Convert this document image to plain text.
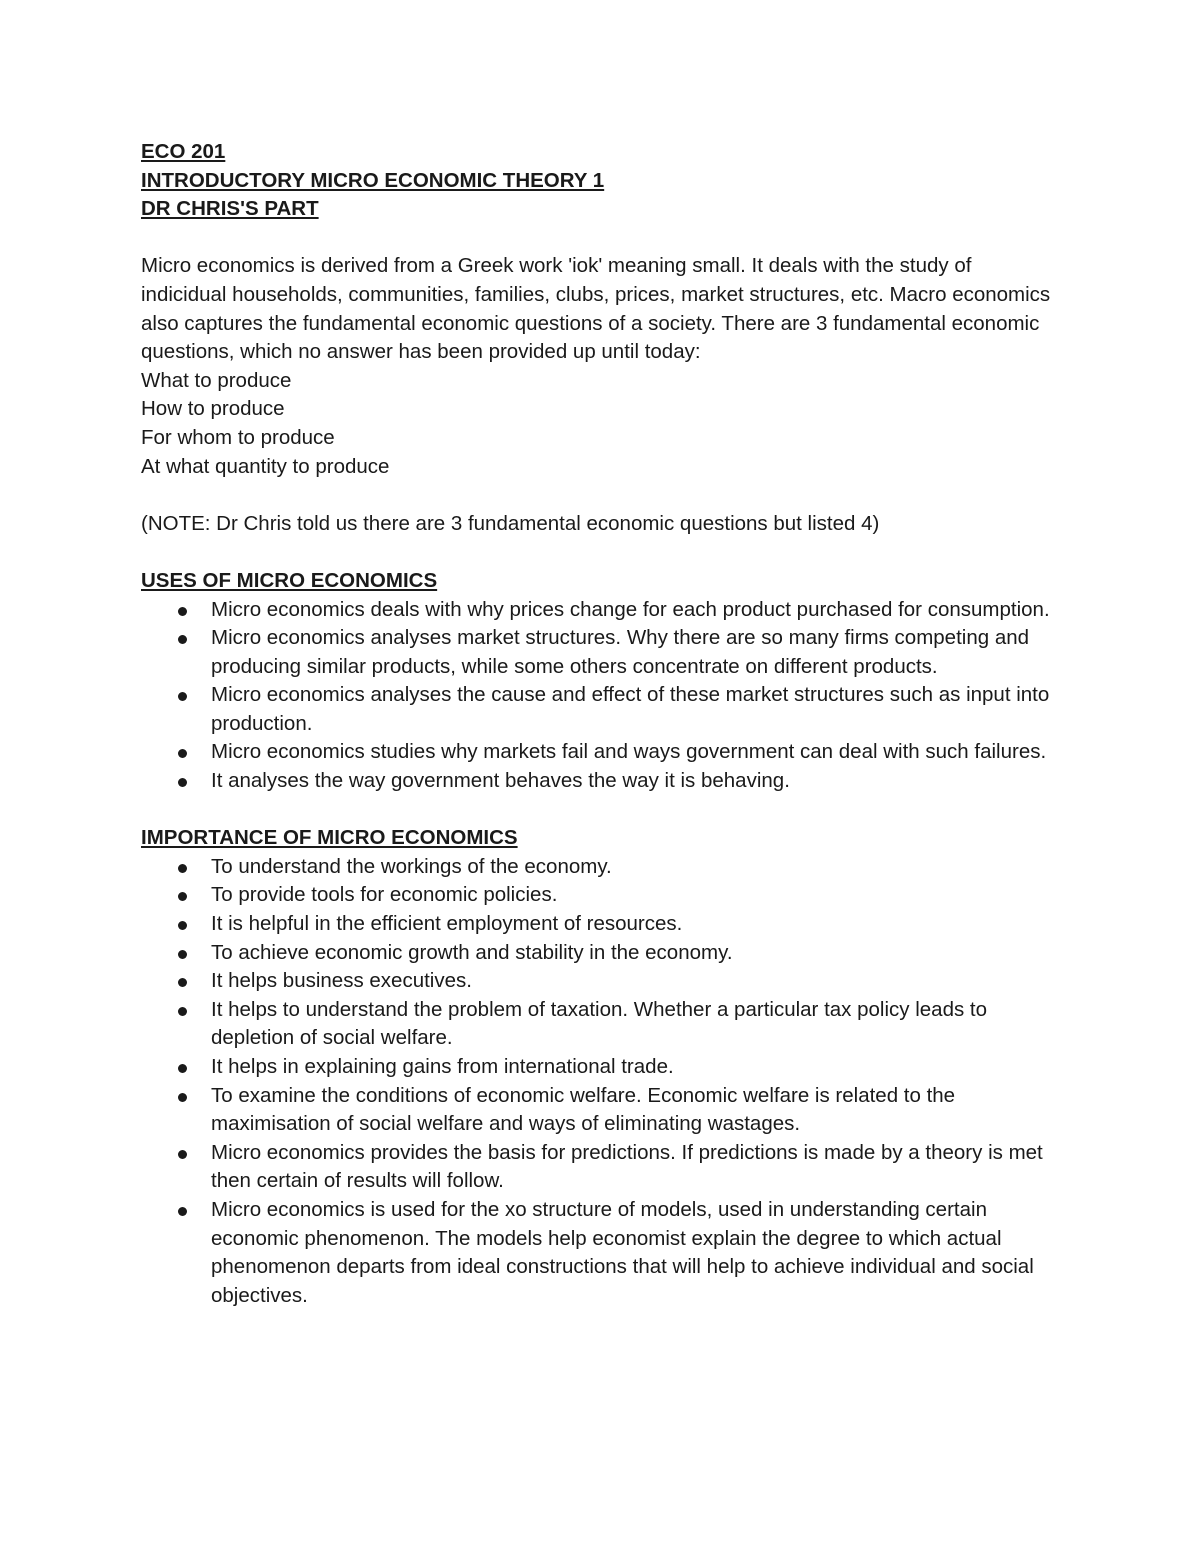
ECO 201
INTRODUCTORY MICRO ECONOMIC THEORY 1
DR CHRIS'S PART

Micro economics is derived from a Greek work 'iok' meaning small. It deals with the study of indicidual households, communities, families, clubs, prices, market structures, etc. Macro economics also captures the fundamental economic questions of a society. There are 3 fundamental economic questions, which no answer has been provided up until today:

What to produce
How to produce
For whom to produce
At what quantity to produce
(NOTE: Dr Chris told us there are 3 fundamental economic questions but listed 4)
USES OF MICRO ECONOMICS
Micro economics deals with why prices change for each product purchased for consumption.
Micro economics analyses market structures. Why there are so many firms competing and producing similar products, while some others concentrate on different products.
Micro economics analyses the cause and effect of these market structures such as input into production.
Micro economics studies why markets fail and ways government can deal with such failures.
It analyses the way government behaves the way it is behaving.
IMPORTANCE OF MICRO ECONOMICS
To understand the workings of the economy.
To provide tools for economic policies.
It is helpful in the efficient employment of resources.
To achieve economic growth and stability in the economy.
It helps business executives.
It helps to understand the problem of taxation. Whether a particular tax policy leads to depletion of social welfare.
It helps in explaining gains from international trade.
To examine the conditions of economic welfare. Economic welfare is related to the maximisation of social welfare and ways of eliminating wastages.
Micro economics provides the basis for predictions. If predictions is made by a theory is met then certain of results will follow.
Micro economics is used for the xo structure of models, used in understanding certain economic phenomenon. The models help economist explain the degree to which actual phenomenon departs from ideal constructions that will help to achieve individual and social objectives.
